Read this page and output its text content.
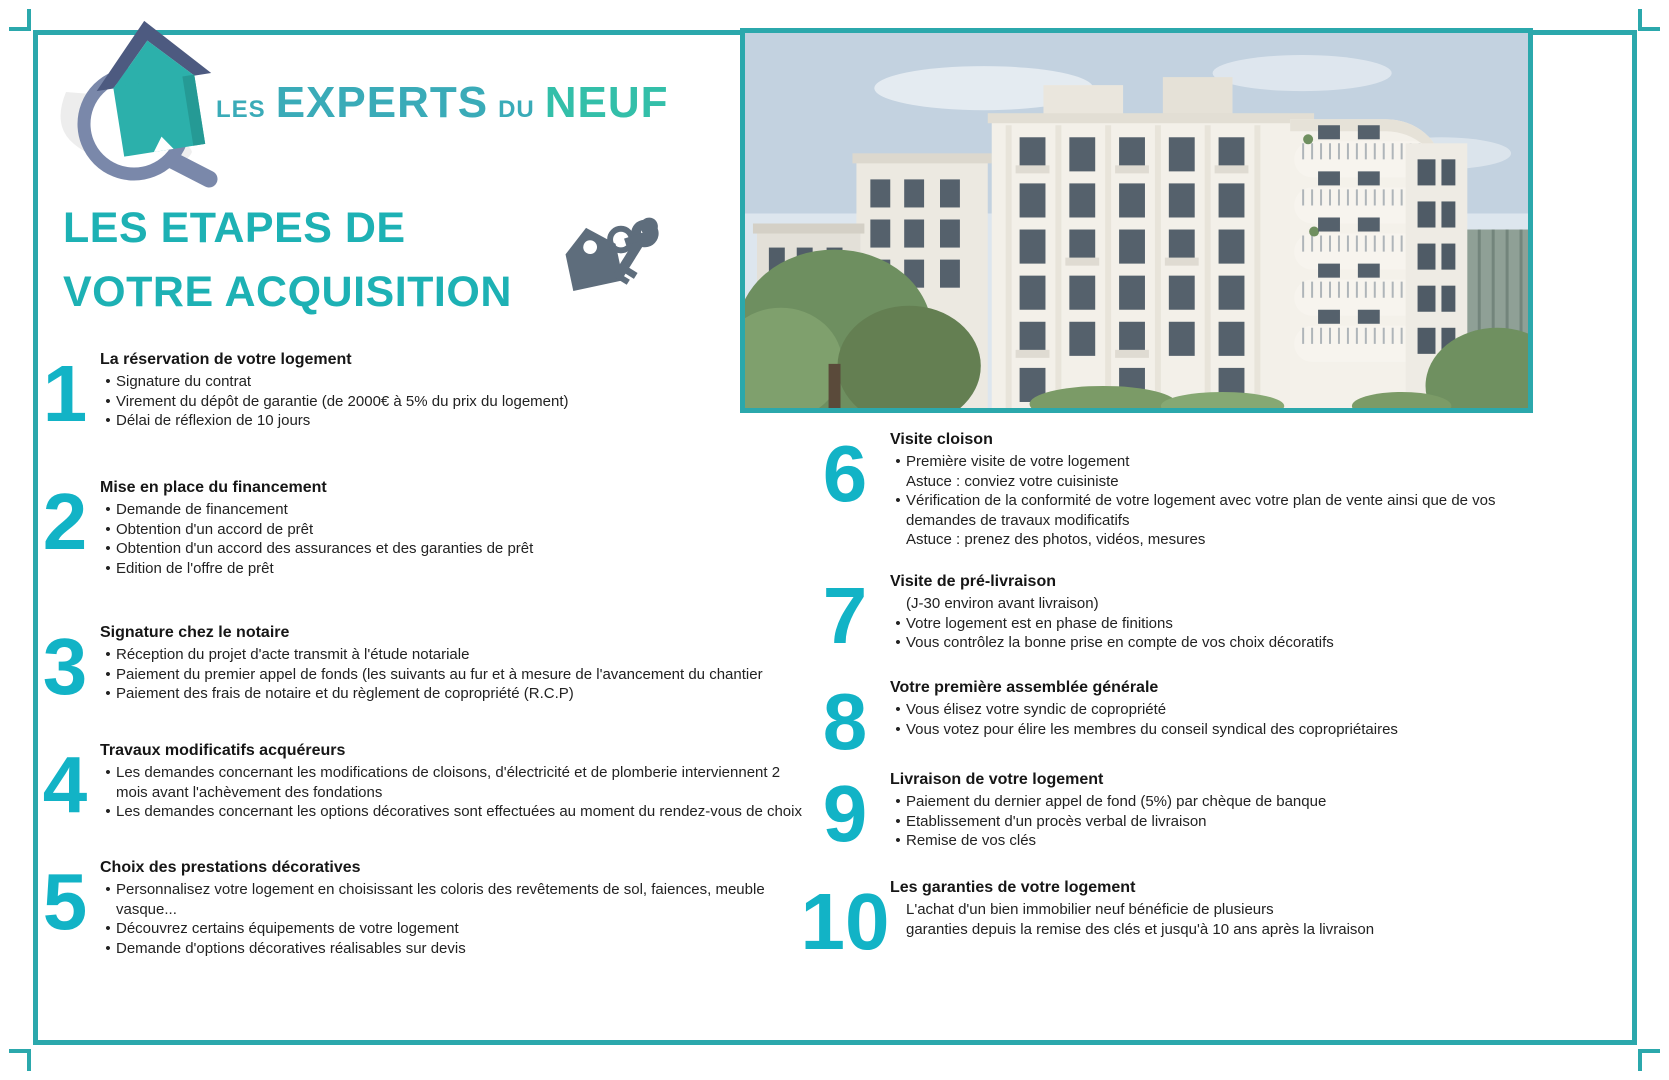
LES EXPERTS DU NEUF
LES ETAPES DE
VOTRE ACQUISITION
1 La réservation de votre logement
• Signature du contrat
• Virement du dépôt de garantie (de 2000€ à 5% du prix du logement)
• Délai de réflexion de 10 jours
2 Mise en place du financement
• Demande de financement
• Obtention d'un accord de prêt
• Obtention d'un accord des assurances et des garanties de prêt
• Edition de l'offre de prêt
3 Signature chez le notaire
• Réception du projet d'acte transmit à l'étude notariale
• Paiement du premier appel de fonds (les suivants au fur et à mesure de l'avancement du chantier
• Paiement des frais de notaire et du règlement de copropriété (R.C.P)
4 Travaux modificatifs acquéreurs
• Les demandes concernant les modifications de cloisons, d'électricité et de plomberie interviennent 2
mois avant l'achèvement des fondations
• Les demandes concernant les options décoratives sont effectuées au moment du rendez-vous de choix
5 Choix des prestations décoratives
• Personnalisez votre logement en choisissant les coloris des revêtements de sol, faiences, meuble
vasque...
• Découvrez certains équipements de votre logement
• Demande d'options décoratives réalisables sur devis
6	Visite cloison
• Première visite de votre logement
Astuce : conviez votre cuisiniste
• Vérification de la conformité de votre logement avec votre plan de vente ainsi que de vos
demandes de travaux modificatifs
Astuce : prenez des photos, vidéos, mesures
7	Visite de pré-livraison
(J-30 environ avant livraison)
• Votre logement est en phase de finitions
• Vous contrôlez la bonne prise en compte de vos choix décoratifs
8	Votre première assemblée générale
• Vous élisez votre syndic de copropriété
• Vous votez pour élire les membres du conseil syndical des copropriétaires
9	Livraison de votre logement
• Paiement du dernier appel de fond (5%) par chèque de banque
• Etablissement d'un procès verbal de livraison
• Remise de vos clés
10 Les garanties de votre logement
L'achat d'un bien immobilier neuf bénéficie de plusieurs
garanties depuis la remise des clés et jusqu'à 10 ans après la livraison
